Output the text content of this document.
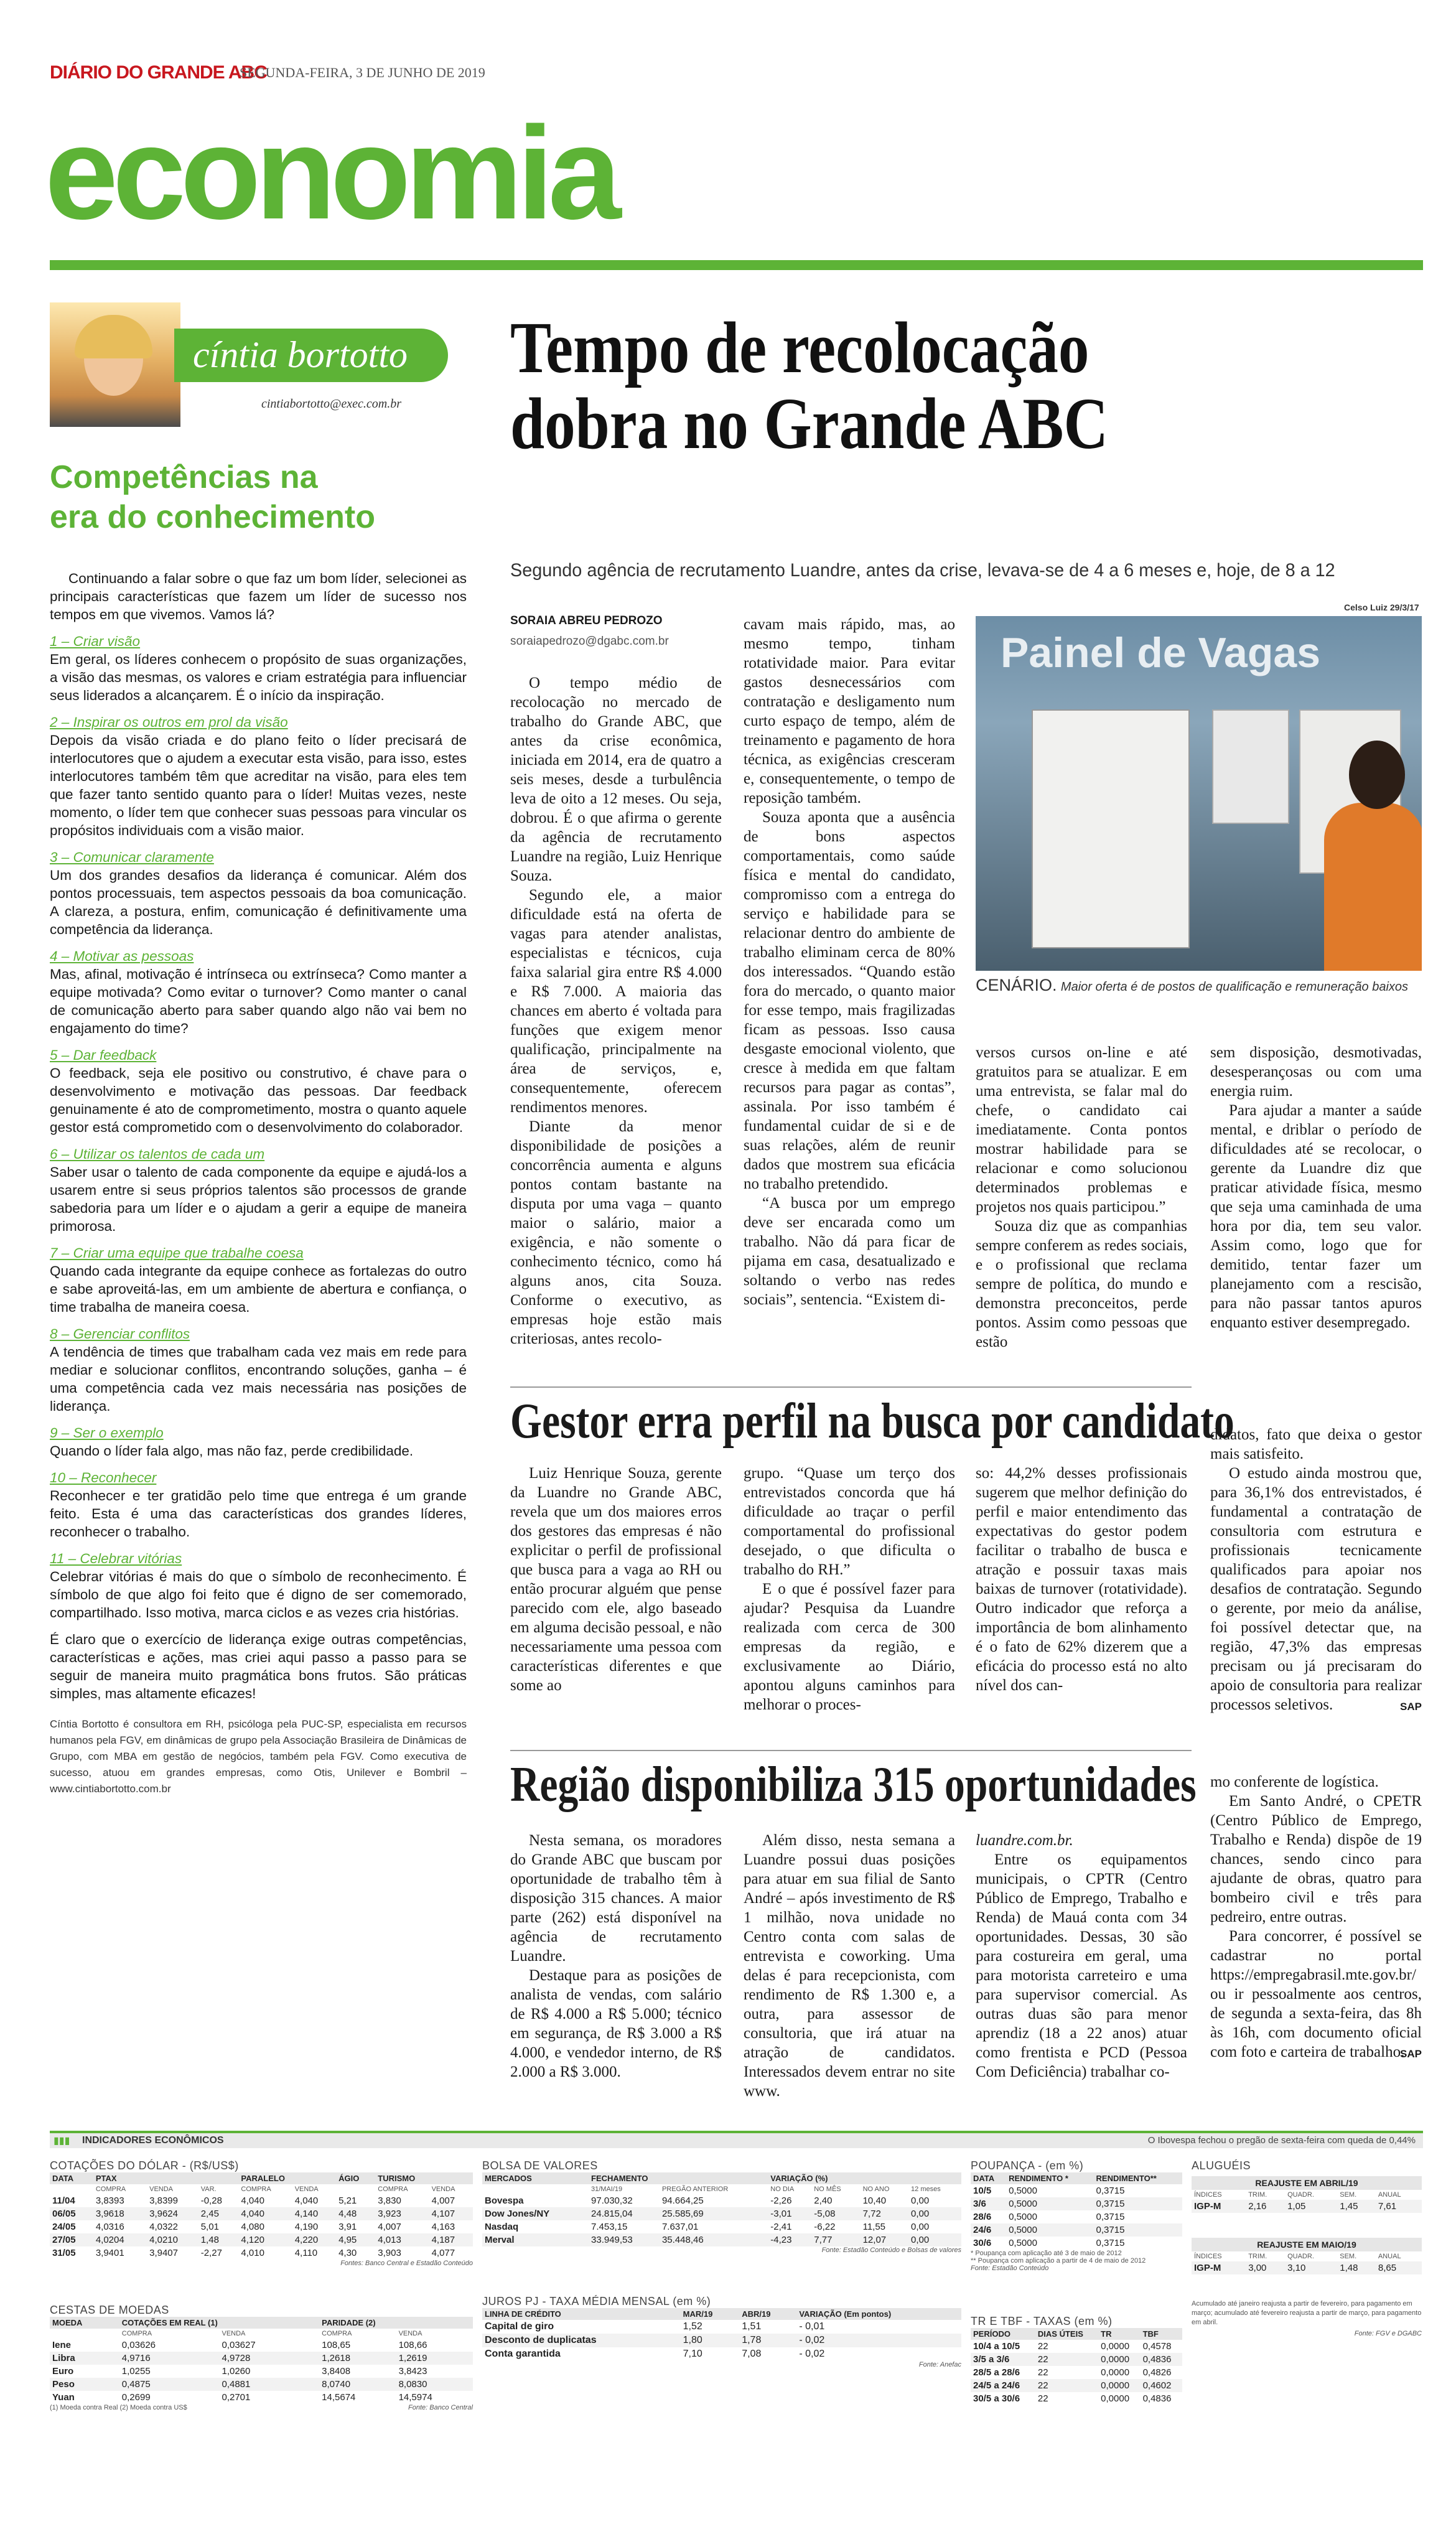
DIÁRIO DO GRANDE ABC
SEGUNDA-FEIRA, 3 DE JUNHO DE 2019
economia
cíntia bortotto
cintiabortotto@exec.com.br
Competências na
era do conhecimento

Continuando a falar sobre o que faz um bom líder, selecionei as principais características que fazem um líder de sucesso nos tempos em que vivemos. Vamos lá?

1 – Criar visão

Em geral, os líderes conhecem o propósito de suas organizações, a visão das mesmas, os valores e criam estratégia para influenciar seus liderados a alcançarem. É o início da inspiração.

2 – Inspirar os outros em prol da visão

Depois da visão criada e do plano feito o líder precisará de interlocutores que o ajudem a executar esta visão, para isso, estes interlocutores também têm que acreditar na visão, para eles tem que fazer tanto sentido quanto para o líder! Muitas vezes, neste momento, o líder tem que conhecer suas pessoas para vincular os propósitos individuais com a visão maior.

3 – Comunicar claramente

Um dos grandes desafios da liderança é comunicar. Além dos pontos processuais, tem aspectos pessoais da boa comunicação. A clareza, a postura, enfim, comunicação é definitivamente uma competência da liderança.

4 – Motivar as pessoas

Mas, afinal, motivação é intrínseca ou extrínseca? Como manter a equipe motivada? Como evitar o turnover? Como manter o canal de comunicação aberto para saber quando algo não vai bem no engajamento do time?

5 – Dar feedback

O feedback, seja ele positivo ou construtivo, é chave para o desenvolvimento e motivação das pessoas. Dar feedback genuinamente é ato de comprometimento, mostra o quanto aquele gestor está comprometido com o desenvolvimento do colaborador.

6 – Utilizar os talentos de cada um

Saber usar o talento de cada componente da equipe e ajudá-los a usarem entre si seus próprios talentos são processos de grande sabedoria para um líder e o ajudam a gerir a equipe de maneira primorosa.

7 – Criar uma equipe que trabalhe coesa

Quando cada integrante da equipe conhece as fortalezas do outro e sabe aproveitá-las, em um ambiente de abertura e confiança, o time trabalha de maneira coesa.

8 – Gerenciar conflitos

A tendência de times que trabalham cada vez mais em rede para mediar e solucionar conflitos, encontrando soluções, ganha – é uma competência cada vez mais necessária nas posições de liderança.

9 – Ser o exemplo

Quando o líder fala algo, mas não faz, perde credibilidade.

10 – Reconhecer

Reconhecer e ter gratidão pelo time que entrega é um grande feito. Esta é uma das características dos grandes líderes, reconhecer o trabalho.

11 – Celebrar vitórias

Celebrar vitórias é mais do que o símbolo de reconhecimento. É símbolo de que algo foi feito que é digno de ser comemorado, compartilhado. Isso motiva, marca ciclos e as vezes cria histórias.

É claro que o exercício de liderança exige outras competências, características e ações, mas criei aqui passo a passo para se seguir de maneira muito pragmática bons frutos. São práticas simples, mas altamente eficazes!

Cíntia Bortotto é consultora em RH, psicóloga pela PUC-SP, especialista em recursos humanos pela FGV, em dinâmicas de grupo pela Associação Brasileira de Dinâmicas de Grupo, com MBA em gestão de negócios, também pela FGV. Como executiva de sucesso, atuou em grandes empresas, como Otis, Unilever e Bombril – www.cintiabortotto.com.br

Tempo de recolocação
dobra no Grande ABC
Segundo agência de recrutamento Luandre, antes da crise, levava-se de 4 a 6 meses e, hoje, de 8 a 12
SORAIA ABREU PEDROZO
soraiapedrozo@dgabc.com.br

O tempo médio de recolocação no mercado de trabalho do Grande ABC, que antes da crise econômica, iniciada em 2014, era de quatro a seis meses, desde a turbulência leva de oito a 12 meses. Ou seja, dobrou. É o que afirma o gerente da agência de recrutamento Luandre na região, Luiz Henrique Souza.

Segundo ele, a maior dificuldade está na oferta de vagas para atender analistas, especialistas e técnicos, cuja faixa salarial gira entre R$ 4.000 e R$ 7.000. A maioria das chances em aberto é voltada para funções que exigem menor qualificação, principalmente na área de serviços, e, consequentemente, oferecem rendimentos menores.

Diante da menor disponibilidade de posições a concorrência aumenta e alguns pontos contam bastante na disputa por uma vaga – quanto maior o salário, maior a exigência, e não somente o conhecimento técnico, como há alguns anos, cita Souza. Conforme o executivo, as empresas hoje estão mais criteriosas, antes recolo-

cavam mais rápido, mas, ao mesmo tempo, tinham rotatividade maior. Para evitar gastos desnecessários com contratação e desligamento num curto espaço de tempo, além de treinamento e pagamento de hora técnica, as exigências cresceram e, consequentemente, o tempo de reposição também.

Souza aponta que a ausência de bons aspectos comportamentais, como saúde física e mental do candidato, compromisso com a entrega do serviço e habilidade para se relacionar dentro do ambiente de trabalho eliminam cerca de 80% dos interessados. “Quando estão fora do mercado, o quanto maior for esse tempo, mais fragilizadas ficam as pessoas. Isso causa desgaste emocional violento, que cresce à medida em que faltam recursos para pagar as contas”, assinala. Por isso também é fundamental cuidar de si e de suas relações, além de reunir dados que mostrem sua eficácia no trabalho pretendido.

“A busca por um emprego deve ser encarada como um trabalho. Não dá para ficar de pijama em casa, desatualizado e soltando o verbo nas redes sociais”, sentencia. “Existem di-

Painel de Vagas
Celso Luiz 29/3/17
CENÁRIO. Maior oferta é de postos de qualificação e remuneração baixos

versos cursos on-line e até gratuitos para se atualizar. E em uma entrevista, se falar mal do chefe, o candidato cai imediatamente. Conta pontos mostrar habilidade para se relacionar e como solucionou determinados problemas e projetos nos quais participou.”

Souza diz que as companhias sempre conferem as redes sociais, e o profissional que reclama sempre de política, do mundo e demonstra preconceitos, perde pontos. Assim como pessoas que estão

sem disposição, desmotivadas, desesperançosas ou com uma energia ruim.

Para ajudar a manter a saúde mental, e driblar o período de dificuldades até se recolocar, o gerente da Luandre diz que praticar atividade física, mesmo que seja uma caminhada de uma hora por dia, tem seu valor. Assim como, logo que for demitido, tentar fazer um planejamento com a rescisão, para não passar tantos apuros enquanto estiver desempregado.

Gestor erra perfil na busca por candidato

Luiz Henrique Souza, gerente da Luandre no Grande ABC, revela que um dos maiores erros dos gestores das empresas é não explicitar o perfil de profissional que busca para a vaga ao RH ou então procurar alguém que pense parecido com ele, algo baseado em alguma decisão pessoal, e não necessariamente uma pessoa com características diferentes e que some ao

grupo. “Quase um terço dos entrevistados concorda que há dificuldade ao traçar o perfil comportamental do profissional desejado, o que dificulta o trabalho do RH.”

E o que é possível fazer para ajudar? Pesquisa da Luandre realizada com cerca de 300 empresas da região, e exclusivamente ao Diário, apontou alguns caminhos para melhorar o proces-

so: 44,2% desses profissionais sugerem que melhor definição do perfil e maior entendimento das expectativas do gestor podem facilitar o trabalho de busca e atração e possuir taxas mais baixas de turnover (rotatividade). Outro indicador que reforça a importância de bom alinhamento é o fato de 62% dizerem que a eficácia do processo está no alto nível dos can-

didatos, fato que deixa o gestor mais satisfeito.

O estudo ainda mostrou que, para 36,1% dos entrevistados, é fundamental a contratação de consultoria com estrutura e profissionais tecnicamente qualificados para apoiar nos desafios de contratação. Segundo o gerente, por meio da análise, foi possível detectar que, na região, 47,3% das empresas precisam ou já precisaram do apoio de consultoria para realizar processos seletivos.	SAP
Região disponibiliza 315 oportunidades

Nesta semana, os moradores do Grande ABC que buscam por oportunidade de trabalho têm à disposição 315 chances. A maior parte (262) está disponível na agência de recrutamento Luandre.

Destaque para as posições de analista de vendas, com salário de R$ 4.000 a R$ 5.000; técnico em segurança, de R$ 3.000 a R$ 4.000, e vendedor interno, de R$ 2.000 a R$ 3.000.

Além disso, nesta semana a Luandre possui duas posições para atuar em sua filial de Santo André – após investimento de R$ 1 milhão, nova unidade no Centro conta com salas de entrevista e coworking. Uma delas é para recepcionista, com rendimento de R$ 1.300 e, a outra, para assessor de consultoria, que irá atuar na atração de candidatos. Interessados devem entrar no site www.

luandre.com.br.

Entre os equipamentos municipais, o CPTR (Centro Público de Emprego, Trabalho e Renda) de Mauá conta com 34 oportunidades. Dessas, 30 são para costureira em geral, uma para motorista carreteiro e uma para supervisor comercial. As outras duas são para menor aprendiz (18 a 22 anos) atuar como frentista e PCD (Pessoa Com Deficiência) trabalhar co-

mo conferente de logística.

Em Santo André, o CPETR (Centro Público de Emprego, Trabalho e Renda) dispõe de 19 chances, sendo cinco para ajudante de obras, quatro para bombeiro civil e três para pedreiro, entre outras.

Para concorrer, é possível se cadastrar no portal https://empregabrasil.mte.gov.br/ ou ir pessoalmente aos centros, de segunda a sexta-feira, das 8h às 16h, com documento oficial com foto e carteira de trabalho.

SAP
▮▮▮ INDICADORES ECONÔMICOS	O Ibovespa fechou o pregão de sexta-feira com queda de 0,44%
COTAÇÕES DO DÓLAR - (R$/US$)
DATA	PTAX			PARALELO		ÁGIO	TURISMO	
	COMPRA	VENDA	VAR.	COMPRA	VENDA		COMPRA	VENDA
11/04	3,8393	3,8399	-0,28	4,040	4,040	5,21	3,830	4,007
06/05	3,9618	3,9624	2,45	4,040	4,140	4,48	3,923	4,107
24/05	4,0316	4,0322	5,01	4,080	4,190	3,91	4,007	4,163
27/05	4,0204	4,0210	1,48	4,120	4,220	4,95	4,013	4,187
31/05	3,9401	3,9407	-2,27	4,010	4,110	4,30	3,903	4,077
Fontes: Banco Central e Estadão Conteúdo
CESTAS DE MOEDAS
MOEDA	COTAÇÕES EM REAL (1)		PARIDADE (2)	
	COMPRA	VENDA	COMPRA	VENDA
Iene	0,03626	0,03627	108,65	108,66
Libra	4,9716	4,9728	1,2618	1,2619
Euro	1,0255	1,0260	3,8408	3,8423
Peso	0,4875	0,4881	8,0740	8,0830
Yuan	0,2699	0,2701	14,5674	14,5974
(1) Moeda contra Real (2) Moeda contra US$	Fonte: Banco Central
BOLSA DE VALORES
MERCADOS	FECHAMENTO		VARIAÇÃO (%)			
	31/MAI/19	PREGÃO ANTERIOR	NO DIA	NO MÊS	NO ANO	12 meses
Bovespa	97.030,32	94.664,25	-2,26	2,40	10,40	0,00
Dow Jones/NY	24.815,04	25.585,69	-3,01	-5,08	7,72	0,00
Nasdaq	7.453,15	7.637,01	-2,41	-6,22	11,55	0,00
Merval	33.949,53	35.448,46	-4,23	7,77	12,07	0,00
Fonte: Estadão Conteúdo e Bolsas de valores
JUROS PJ - TAXA MÉDIA MENSAL (em %)
LINHA DE CRÉDITO	MAR/19	ABR/19	VARIAÇÃO (Em pontos)
Capital de giro	1,52	1,51	- 0,01
Desconto de duplicatas	1,80	1,78	- 0,02
Conta garantida	7,10	7,08	- 0,02
Fonte: Anefac
POUPANÇA - (em %)
DATA	RENDIMENTO *	RENDIMENTO**
10/5	0,5000	0,3715
3/6	0,5000	0,3715
28/6	0,5000	0,3715
24/6	0,5000	0,3715
30/6	0,5000	0,3715
* Poupança com aplicação até 3 de maio de 2012
** Poupança com aplicação a partir de 4 de maio de 2012
Fonte: Estadão Conteúdo
TR E TBF - TAXAS (em %)
PERÍODO	DIAS ÚTEIS	TR	TBF
10/4 a 10/5	22	0,0000	0,4578
3/5 a 3/6	22	0,0000	0,4836
28/5 a 28/6	22	0,0000	0,4826
24/5 a 24/6	22	0,0000	0,4602
30/5 a 30/6	22	0,0000	0,4836
ALUGUÉIS
REAJUSTE EM ABRIL/19
ÍNDICES	TRIM.	QUADR.	SEM.	ANUAL
IGP-M	2,16	1,05	1,45	7,61
REAJUSTE EM MAIO/19
ÍNDICES	TRIM.	QUADR.	SEM.	ANUAL
IGP-M	3,00	3,10	1,48	8,65
Acumulado até janeiro reajusta a partir de fevereiro, para pagamento em março; acumulado até fevereiro reajusta a partir de março, para pagamento em abril.
Fonte: FGV e DGABC
